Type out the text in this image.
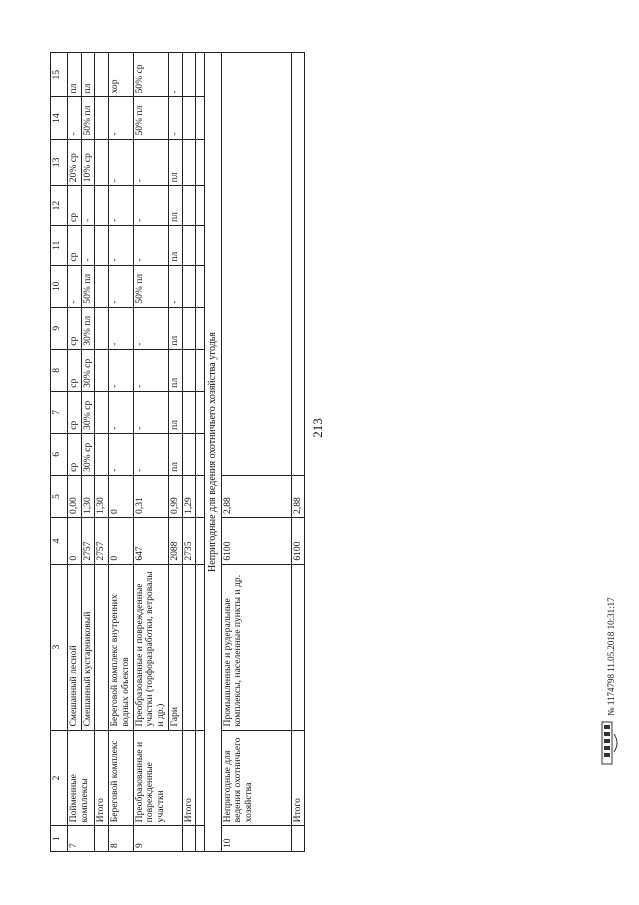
213
1	2	3	4	5	6	7	8	9	10	11	12	13	14	15
7	Пойменные комплексы	Смешанный лесной	0	0,00	ср	ср	ср	ср	-	ср	ср	20% ср	-	пл
		Смешанный кустарниковый	2757	1,30	30% ср	30% ср	30% ср	30% пл	50% пл	-	-	10% ср	50% пл	пл
	Итого		2757	1,30										
8	Береговой комплекс	Береговой комплекс внутренних водных объектов	0	0	-	-	-	-	-	-	-	-	-	хор
9	Преобразованные и поврежденные участки	Преобразованные и поврежденные участки (торфоразработки, ветровалы и др.)	647	0,31	-	-	-	-	50% пл	-	-	-	50% пл	50% ср
		Гари	2088	0,99	пл	пл	пл	пл	-	пл	пл	пл	-	-
	Итого		2735	1,29										

Непригодные для ведения охотничьего хозяйства угодья														
10	Непригодные для ведения охотничьего хозяйства	Промышленные и рудеральные комплексы, населенные пункты и др.	6100	2,88										
	Итого		6100	2,88										
№ 1174798 11.05.2018 10:31:17
